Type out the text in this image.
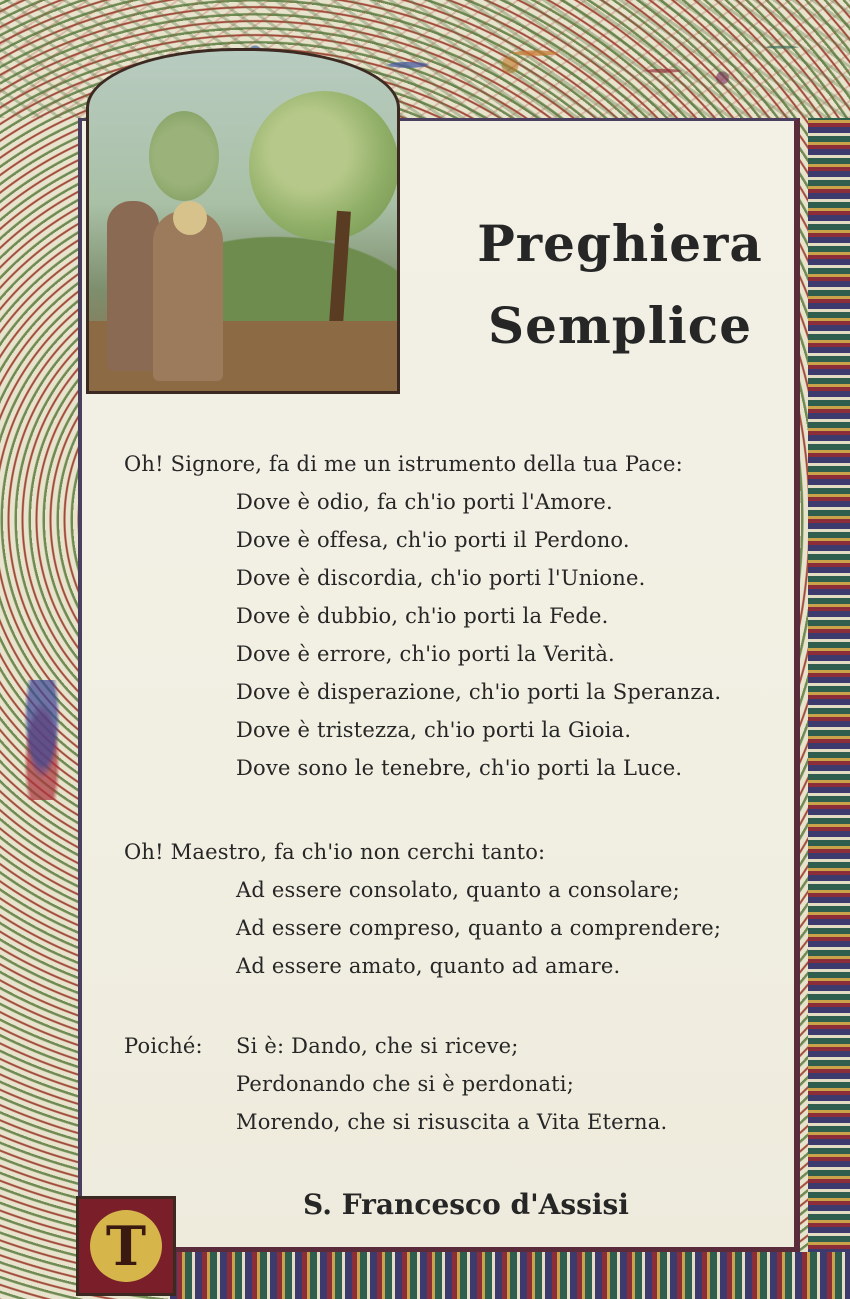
Preghiera
Semplice

Oh! Signore, fa di me un istrumento della tua Pace:

Dove è odio, fa ch'io porti l'Amore.

Dove è offesa, ch'io porti il Perdono.

Dove è discordia, ch'io porti l'Unione.

Dove è dubbio, ch'io porti la Fede.

Dove è errore, ch'io porti la Verità.

Dove è disperazione, ch'io porti la Speranza.

Dove è tristezza, ch'io porti la Gioia.

Dove sono le tenebre, ch'io porti la Luce.

Oh! Maestro, fa ch'io non cerchi tanto:

Ad essere consolato, quanto a consolare;

Ad essere compreso, quanto a comprendere;

Ad essere amato, quanto ad amare.

Poiché: Si è: Dando, che si riceve;

Perdonando che si è perdonati;

Morendo, che si risuscita a Vita Eterna.

S. Francesco d'Assisi

T
